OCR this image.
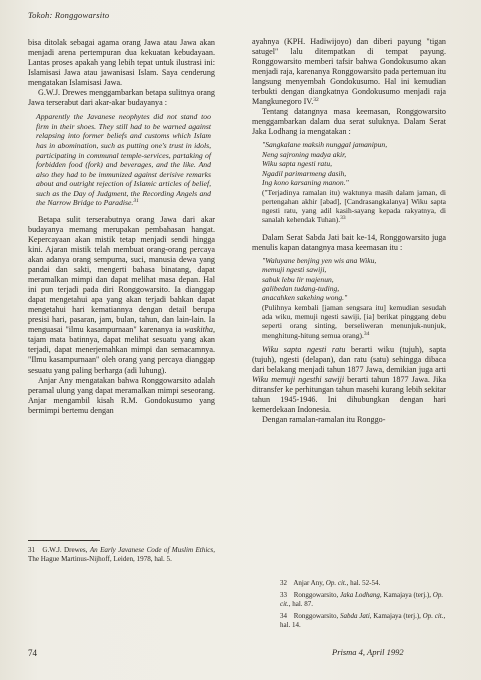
Tokoh: Ronggowarsito

bisa ditolak sebagai agama orang Jawa atau Jawa akan menjadi arena pertempuran dua kekuatan kebudayaan. Lantas proses apakah yang lebih tepat untuk ilustrasi ini: Islamisasi Jawa atau jawanisasi Islam. Saya cenderung mengatakan Islamisasi Jawa.

G.W.J. Drewes menggambarkan betapa sulitnya orang Jawa terserabut dari akar-akar budayanya :

Apparently the Javanese neophytes did not stand too firm in their shoes. They still had to be warned against relapsing into former beliefs and customs which Islam has in abomination, such as putting one's trust in idols, participating in communal temple-services, partaking of forbidden food (fork) and beverages, and the like. And also they had to be immunized against derisive remarks about and outright rejection of Islamic articles of belief, such as the Day of Judgment, the Recording Angels and the Narrow Bridge to Paradise.$^{31}$

Betapa sulit terserabutnya orang Jawa dari akar budayanya memang merupakan pembahasan hangat. Kepercayaan akan mistik tetap menjadi sendi hingga kini. Ajaran mistik telah membuat orang-orang percaya akan adanya orang sempurna, suci, manusia dewa yang pandai dan sakti, mengerti bahasa binatang, dapat meramalkan mimpi dan dapat melihat masa depan. Hal ini pun terjadi pada diri Ronggowarsito. Ia dianggap dapat mengetahui apa yang akan terjadi bahkan dapat mengetahui hari kematiannya dengan detail berupa presisi hari, pasaran, jam, bulan, tahun, dan lain-lain. Ia menguasai "ilmu kasampurnaan" karenanya ia waskitha, tajam mata batinnya, dapat melihat sesuatu yang akan terjadi, dapat menerjemahkan mimpi dan semacamnya. "Ilmu kasampurnaan" oleh orang yang percaya dianggap sesuatu yang paling berharga (adi luhung).

Anjar Any mengatakan bahwa Ronggowarsito adalah peramal ulung yang dapat meramalkan mimpi seseorang. Anjar mengambil kisah R.M. Gondokusumo yang bermimpi bertemu dengan

31 G.W.J. Drewes, An Early Javanese Code of Muslim Ethics, The Hague Martinus-Nijhoff, Leiden, 1978, hal. 5.

ayahnya (KPH. Hadiwijoyo) dan diberi payung "tigan satugel" lalu ditempatkan di tempat payung. Ronggowarsito memberi tafsir bahwa Gondokusumo akan menjadi raja, karenanya Ronggowarsito pada pertemuan itu langsung menyembah Gondokusumo. Hal ini kemudian terbukti dengan diangkatnya Gondokusumo menjadi raja Mangkunegoro IV.$^{32}$

Tentang datangnya masa keemasan, Ronggowarsito menggambarkan dalam dua serat suluknya. Dalam Serat Jaka Lodhang ia mengatakan :

"Sangkalane maksih nunggal jamanipun,
Neng sajroning madya akir,
Wiku sapta ngesti ratu,
Ngadil parimarmeng dasih,
Ing kono karsaning manon."

("Terjadinya ramalan itu) waktunya masih dalam jaman, di pertengahan akhir [abad], [Candrasangkalanya] Wiku sapta ngesti ratu, yang adil kasih-sayang kepada rakyatnya, di sanalah kehendak Tuhan).$^{33}$

Dalam Serat Sabda Jati bait ke-14, Ronggowarsito juga menulis kapan datangnya masa keemasan itu :

"Waluyane benjing yen wis ana Wiku,
memuji ngesti sawiji,
sabuk lebu lir majenun,
galibedan tudang-tuding,
anacahken sakehing wong."

(Pulihnya kembali [jaman sengsara itu] kemudian sesudah ada wiku, memuji ngesti sawiji, [ia] berikat pinggang debu seperti orang sinting, berseliweran menunjuk-nunjuk, menghitung-hitung semua orang).$^{34}$

Wiku sapta ngesti ratu berarti wiku (tujuh), sapta (tujuh), ngesti (delapan), dan ratu (satu) sehingga dibaca dari belakang menjadi tahun 1877 Jawa, demikian juga arti Wiku memuji ngesthi sawiji berarti tahun 1877 Jawa. Jika ditransfer ke perhitungan tahun masehi kurang lebih sekitar tahun 1945-1946. Ini dihubungkan dengan hari kemerdekaan Indonesia.

Dengan ramalan-ramalan itu Ronggo-

32 Anjar Any, Op. cit., hal. 52-54.
33 Ronggowarsito, Jaka Lodhang, Kamajaya (terj.), Op. cit., hal. 87.
34 Ronggowarsito, Sabda Jati, Kamajaya (terj.), Op. cit., hal. 14.
74	Prisma 4, April 1992
